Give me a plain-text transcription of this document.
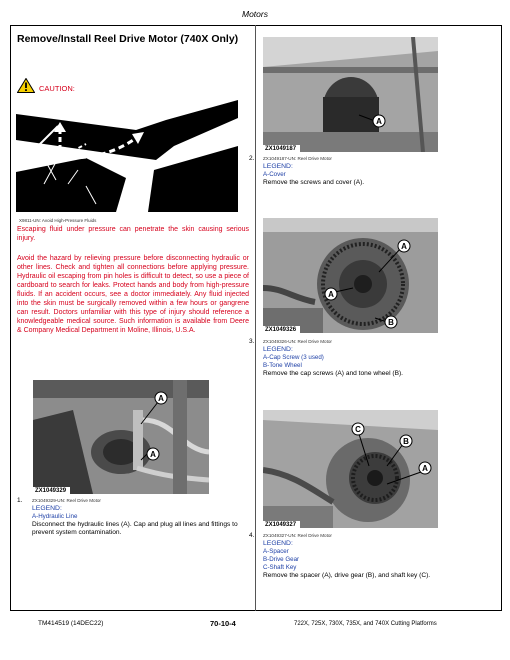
Motors
Remove/Install Reel Drive Motor (740X Only)
CAUTION:
X9811-UN: Avoid High-Pressure Fluids
Escaping fluid under pressure can penetrate the skin causing serious injury.
Avoid the hazard by relieving pressure before disconnecting hydraulic or other lines. Check and tighten all connections before applying pressure. Hydraulic oil escaping from pin holes is difficult to detect, so use a piece of cardboard to search for leaks. Protect hands and body from high-pressure fluids. If an accident occurs, see a doctor immediately. Any fluid injected into the skin must be surgically removed within a few hours or gangrene can result. Doctors unfamiliar with this type of injury should reference a knowledgeable medical source. Such information is available from Deere & Company Medical Department in Moline, Illinois, U.S.A.
A
A
ZX1049329
1. ZX1049329-UN: Reel Drive Motor
LEGEND:
A-Hydraulic Line
Disconnect the hydraulic lines (A). Cap and plug all lines and fittings to prevent system contamination.
A
ZX1049187
2. ZX1049187-UN: Reel Drive Motor
LEGEND:
A-Cover
Remove the screws and cover (A).
A
A
B
ZX1049326
3. ZX1049326-UN: Reel Drive Motor
LEGEND:
A-Cap Screw (3 used)
B-Tone Wheel
Remove the cap screws (A) and tone wheel (B).
C
B
A
ZX1049327
4. ZX1049327-UN: Reel Drive Motor
LEGEND:
A-Spacer
B-Drive Gear
C-Shaft Key
Remove the spacer (A), drive gear (B), and shaft key (C).
TM414519 (14DEC22)	70-10-4	722X, 725X, 730X, 735X, and 740X Cutting Platforms
